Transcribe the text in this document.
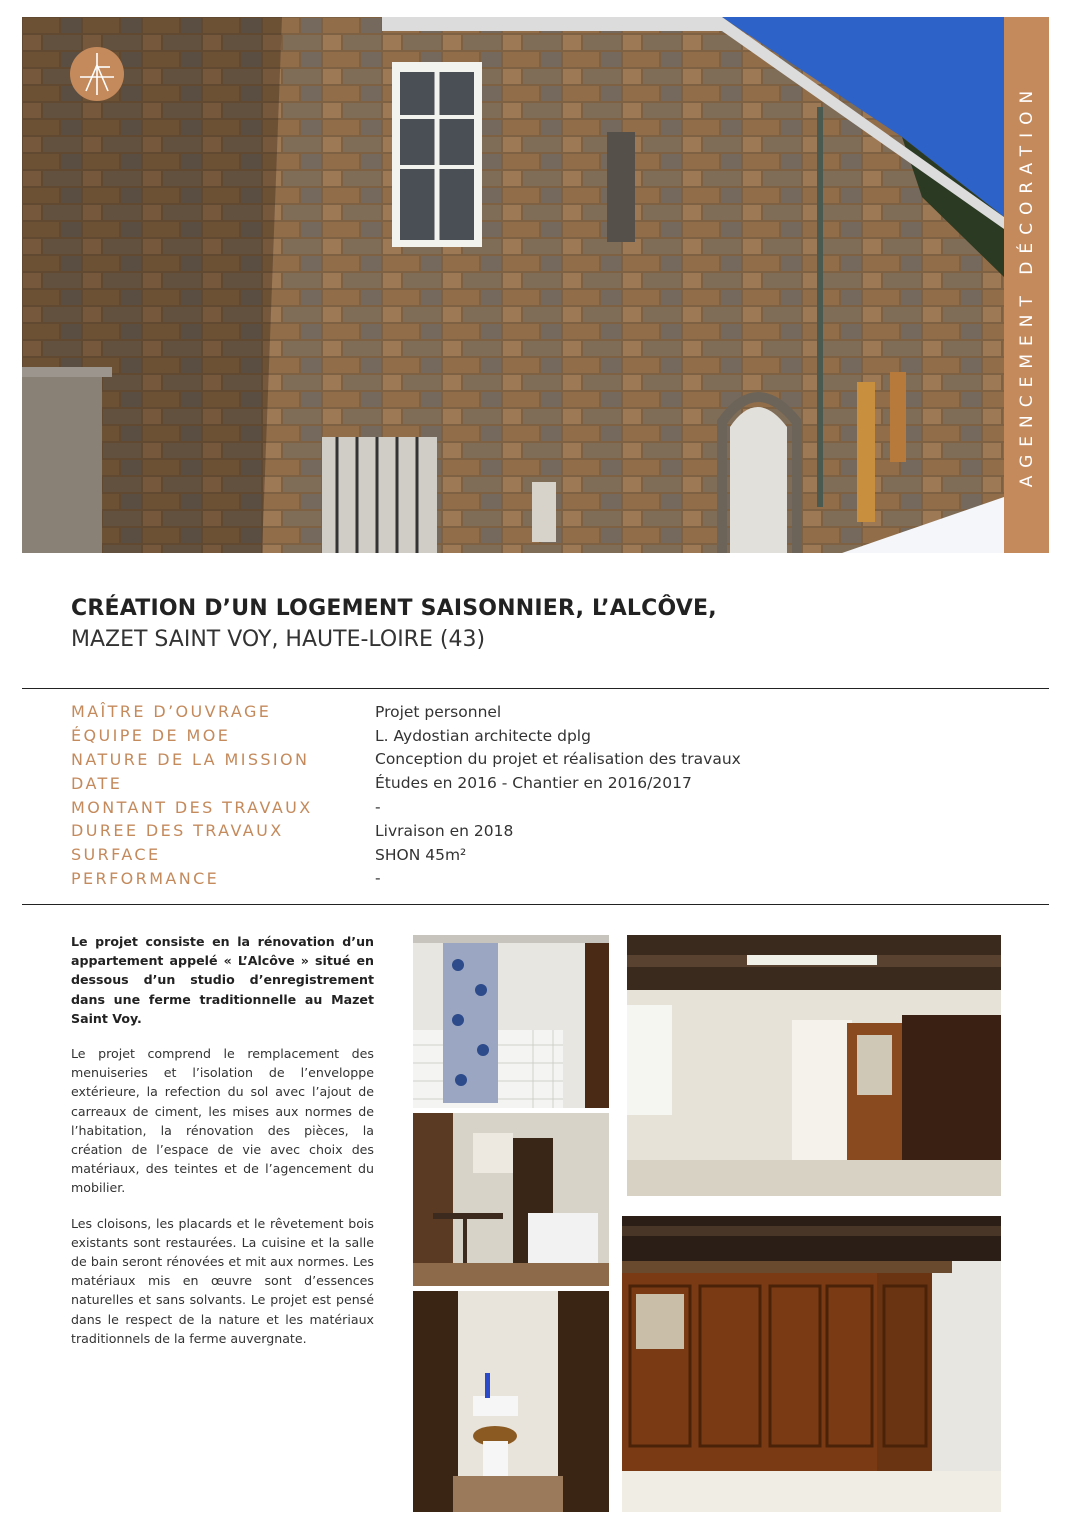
AGENCEMENT DÉCORATION
CRÉATION D’UN LOGEMENT SAISONNIER, L’ALCÔVE,
MAZET SAINT VOY, HAUTE-LOIRE (43)
MAÎTRE D’OUVRAGE	Projet personnel
ÉQUIPE DE MOE	L. Aydostian architecte dplg
NATURE DE LA MISSION	Conception du projet et réalisation des travaux
DATE	Études en 2016 - Chantier en 2016/2017
MONTANT DES TRAVAUX	-
DUREE DES TRAVAUX	Livraison en 2018
SURFACE	SHON 45m²
PERFORMANCE	-

Le projet consiste en la rénovation d’un appartement appelé « L’Alcôve » situé en dessous d’un studio d’enregistrement dans une ferme traditionnelle au Mazet Saint Voy.

Le projet comprend le remplacement des menuiseries et l’isolation de l’enveloppe extérieure, la refection du sol avec l’ajout de carreaux de ciment, les mises aux normes de l’habitation, la rénovation des pièces, la création de l’espace de vie avec choix des matériaux, des teintes et de l’agencement du mobilier.

Les cloisons, les placards et le rêvetement bois existants sont restaurées. La cuisine et la salle de bain seront rénovées et mit aux normes. Les matériaux mis en œuvre sont d’essences naturelles et sans solvants. Le projet est pensé dans le respect de la nature et les matériaux traditionnels de la ferme auvergnate.
